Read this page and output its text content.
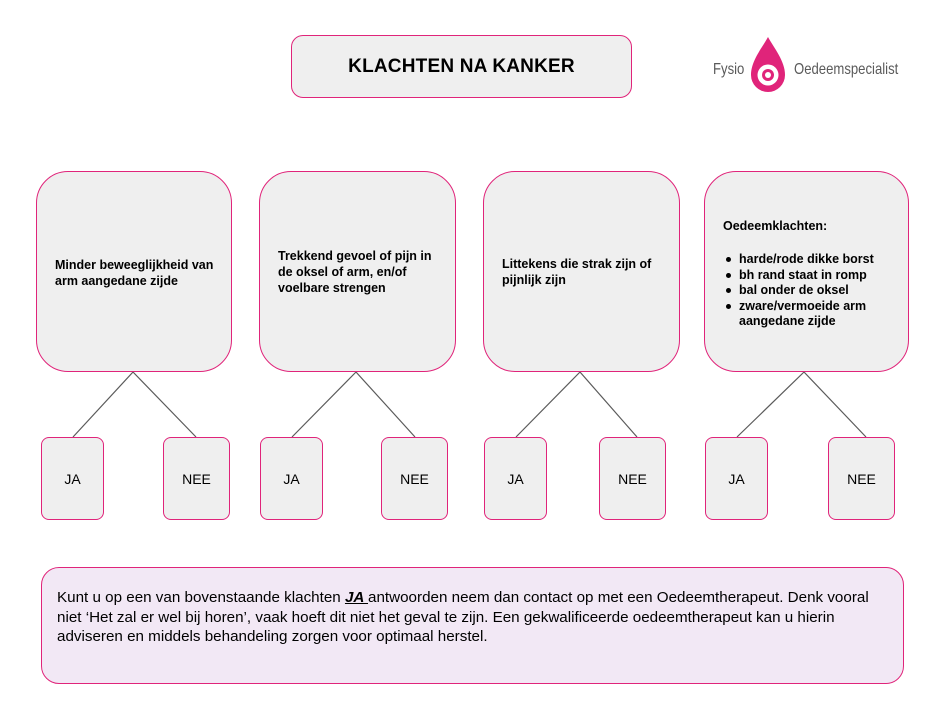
KLACHTEN NA KANKER	Fysio	Oedeemspecialist
Minder beweeglijkheid van arm aangedane zijde
Trekkend gevoel of pijn in de oksel of arm, en/of voelbare strengen
Littekens die strak zijn of pijnlijk zijn
Oedeemklachten:
harde/rode dikke borst
bh rand staat in romp
bal onder de oksel
zware/vermoeide arm aangedane zijde
JA	NEE	JA	NEE	JA	NEE	JA	NEE
Kunt u op een van bovenstaande klachten JA antwoorden neem dan contact op met een Oedeemtherapeut. Denk vooral niet ‘Het zal er wel bij horen’, vaak hoeft dit niet het geval te zijn. Een gekwalificeerde oedeemtherapeut kan u hierin adviseren en middels behandeling zorgen voor optimaal herstel.
